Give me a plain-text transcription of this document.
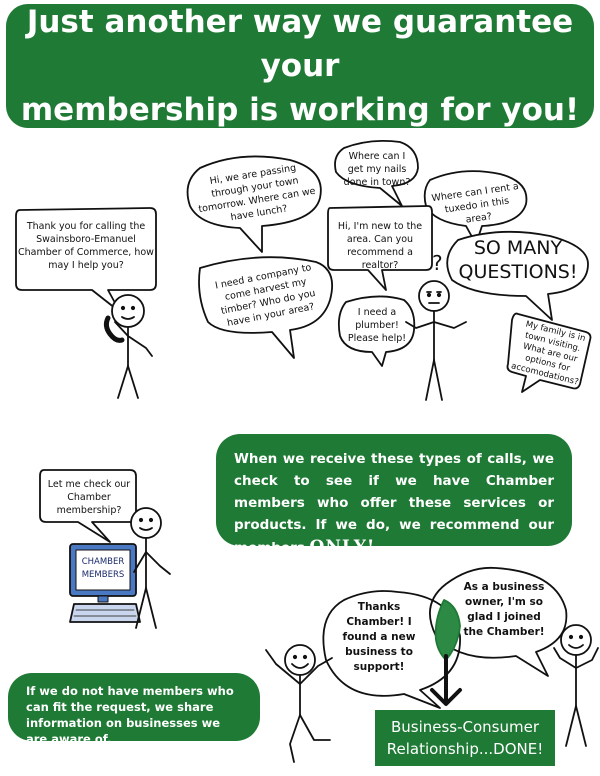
Just another way we guarantee your
membership is working for you!
?
Thank you for calling the Swainsboro-Emanuel Chamber of Commerce, how may I help you?
Hi, we are passing through your town tomorrow. Where can we have lunch?
Where can I get my nails done in town?	Where can I rent a tuxedo in this area?
Hi, I'm new to the area. Can you recommend a realtor?
SO MANY
QUESTIONS!
I need a company to come harvest my timber? Who do you have in your area?	I need a plumber! Please help!	My family is in town visiting. What are our options for accomodations?
Let me check our Chamber membership?
CHAMBER
MEMBERS
Thanks Chamber! I found a new business to support!
As a business owner, I'm so glad I joined the Chamber!
When we receive these types of calls, we check to see if we have Chamber members who offer these services or products. If we do, we recommend our members ONLY!
If we do not have members who can fit the request, we share information on businesses we are aware of.
Business-Consumer
Relationship...DONE!
